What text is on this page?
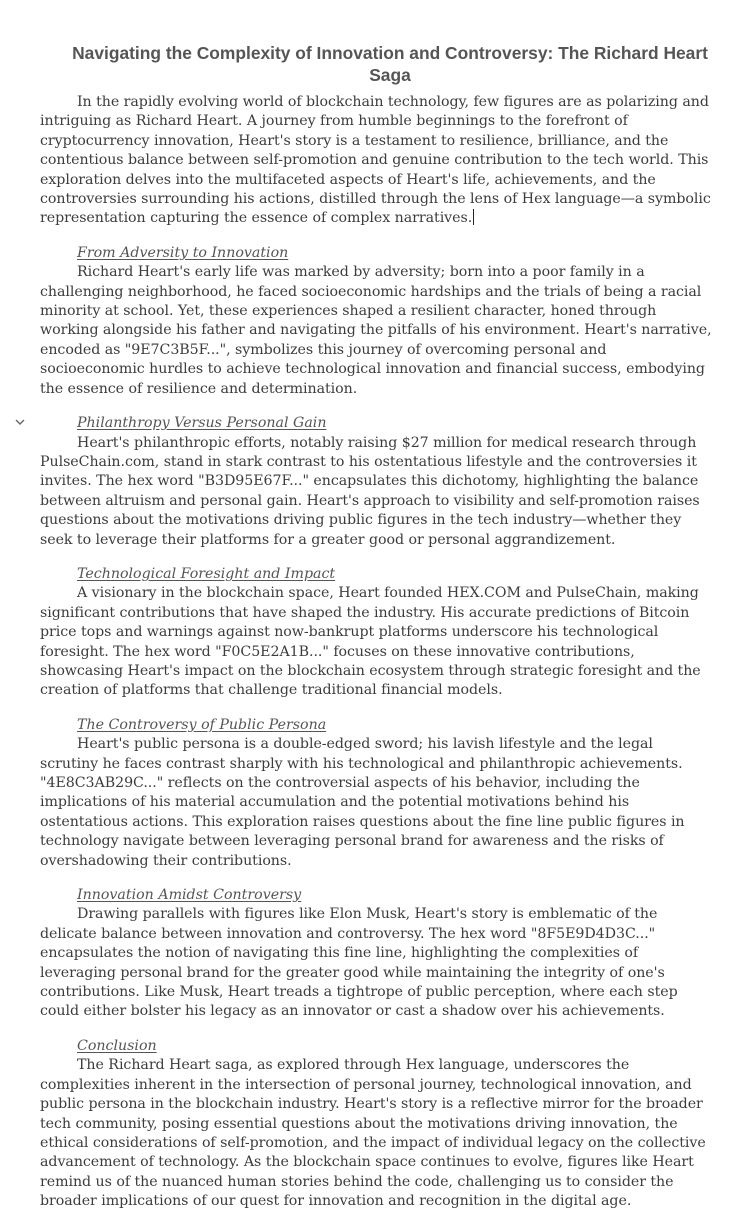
Navigating the Complexity of Innovation and Controversy: The Richard Heart Saga

In the rapidly evolving world of blockchain technology, few figures are as polarizing and intriguing as Richard Heart. A journey from humble beginnings to the forefront of cryptocurrency innovation, Heart's story is a testament to resilience, brilliance, and the contentious balance between self-promotion and genuine contribution to the tech world. This exploration delves into the multifaceted aspects of Heart's life, achievements, and the controversies surrounding his actions, distilled through the lens of Hex language—a symbolic representation capturing the essence of complex narratives.

From Adversity to Innovation

Richard Heart's early life was marked by adversity; born into a poor family in a challenging neighborhood, he faced socioeconomic hardships and the trials of being a racial minority at school. Yet, these experiences shaped a resilient character, honed through working alongside his father and navigating the pitfalls of his environment. Heart's narrative, encoded as "9E7C3B5F...", symbolizes this journey of overcoming personal and socioeconomic hurdles to achieve technological innovation and financial success, embodying the essence of resilience and determination.

Philanthropy Versus Personal Gain

Heart's philanthropic efforts, notably raising $27 million for medical research through PulseChain.com, stand in stark contrast to his ostentatious lifestyle and the controversies it invites. The hex word "B3D95E67F..." encapsulates this dichotomy, highlighting the balance between altruism and personal gain. Heart's approach to visibility and self-promotion raises questions about the motivations driving public figures in the tech industry—whether they seek to leverage their platforms for a greater good or personal aggrandizement.

Technological Foresight and Impact

A visionary in the blockchain space, Heart founded HEX.COM and PulseChain, making significant contributions that have shaped the industry. His accurate predictions of Bitcoin price tops and warnings against now-bankrupt platforms underscore his technological foresight. The hex word "F0C5E2A1B..." focuses on these innovative contributions, showcasing Heart's impact on the blockchain ecosystem through strategic foresight and the creation of platforms that challenge traditional financial models.

The Controversy of Public Persona

Heart's public persona is a double-edged sword; his lavish lifestyle and the legal scrutiny he faces contrast sharply with his technological and philanthropic achievements. "4E8C3AB29C..." reflects on the controversial aspects of his behavior, including the implications of his material accumulation and the potential motivations behind his ostentatious actions. This exploration raises questions about the fine line public figures in technology navigate between leveraging personal brand for awareness and the risks of overshadowing their contributions.

Innovation Amidst Controversy

Drawing parallels with figures like Elon Musk, Heart's story is emblematic of the delicate balance between innovation and controversy. The hex word "8F5E9D4D3C..." encapsulates the notion of navigating this fine line, highlighting the complexities of leveraging personal brand for the greater good while maintaining the integrity of one's contributions. Like Musk, Heart treads a tightrope of public perception, where each step could either bolster his legacy as an innovator or cast a shadow over his achievements.

Conclusion

The Richard Heart saga, as explored through Hex language, underscores the complexities inherent in the intersection of personal journey, technological innovation, and public persona in the blockchain industry. Heart's story is a reflective mirror for the broader tech community, posing essential questions about the motivations driving innovation, the ethical considerations of self-promotion, and the impact of individual legacy on the collective advancement of technology. As the blockchain space continues to evolve, figures like Heart remind us of the nuanced human stories behind the code, challenging us to consider the broader implications of our quest for innovation and recognition in the digital age.
